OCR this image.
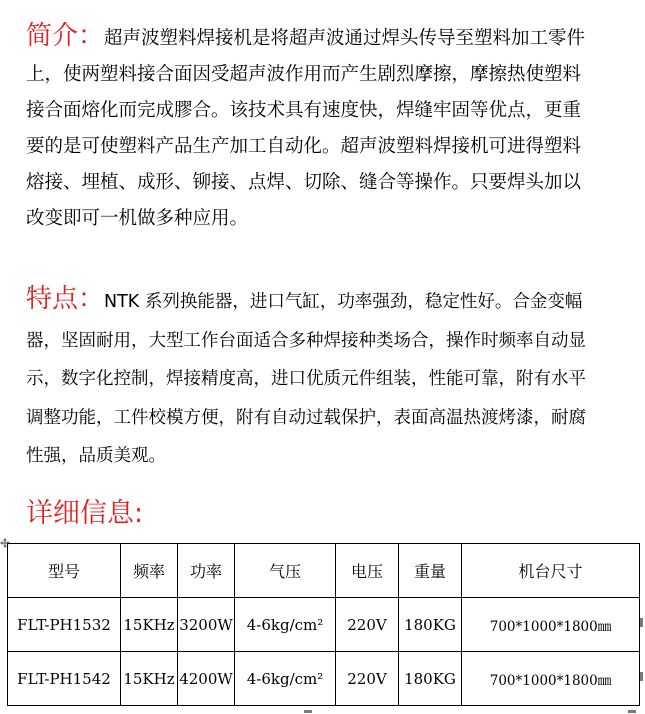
简介：超声波塑料焊接机是将超声波通过焊头传导至塑料加工零件上，使两塑料接合面因受超声波作用而产生剧烈摩擦，摩擦热使塑料接合面熔化而完成膠合。该技术具有速度快，焊缝牢固等优点，更重要的是可使塑料产品生产加工自动化。超声波塑料焊接机可进得塑料熔接、埋植、成形、铆接、点焊、切除、缝合等操作。只要焊头加以改变即可一机做多种应用。
特点：NTK 系列换能器，进口气缸，功率强劲，稳定性好。合金变幅器，坚固耐用，大型工作台面适合多种焊接种类场合，操作时频率自动显示，数字化控制，焊接精度高，进口优质元件组装，性能可靠，附有水平调整功能，工件校模方便，附有自动过载保护，表面高温热渡烤漆，耐腐性强，品质美观。
详细信息:
型号	频率	功率	气压	电压	重量	机台尺寸
FLT-PH1532	15KHz	3200W	4-6kg/cm²	220V	180KG	700*1000*1800㎜
FLT-PH1542	15KHz	4200W	4-6kg/cm²	220V	180KG	700*1000*1800㎜
